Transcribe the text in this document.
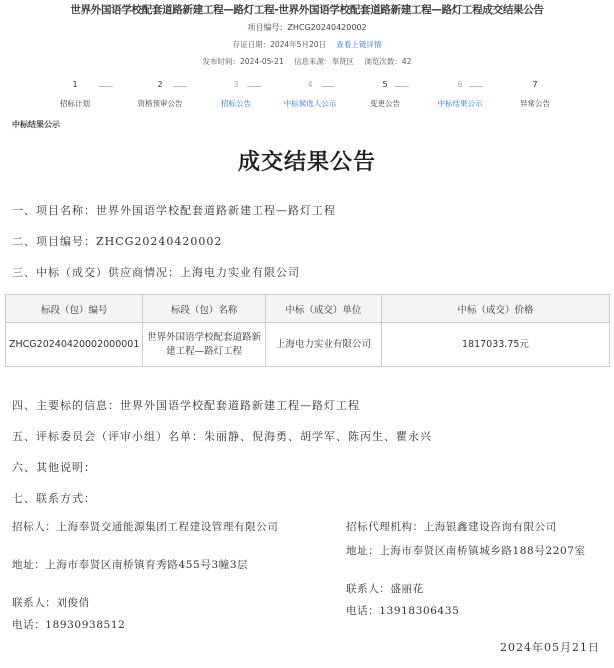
世界外国语学校配套道路新建工程—路灯工程-世界外国语学校配套道路新建工程—路灯工程成交结果公告
项目编号：ZHCG20240420002
存证日期：2024年5月20日 查看上链详情
发布时间：2024-05-21 信息来源：奉贤区 浏览次数：42
1
招标计划
2
资格预审公告
3
招标公告
4
中标候选人公示
5
变更公告
6
中标结果公示
7
异常公告
中标结果公示
成交结果公告
一、项目名称：世界外国语学校配套道路新建工程—路灯工程
二、项目编号：ZHCG20240420002
三、中标（成交）供应商情况：上海电力实业有限公司
标段（包）编号	标段（包）名称	中标（成交）单位	中标（成交）价格
ZHCG20240420002000001	世界外国语学校配套道路新建工程—路灯工程	上海电力实业有限公司	1817033.75元
四、主要标的信息：世界外国语学校配套道路新建工程—路灯工程
五、评标委员会（评审小组）名单：朱丽静、倪海勇、胡学军、陈丙生、瞿永兴
六、其他说明：
七、联系方式：
招标人：上海奉贤交通能源集团工程建设管理有限公司
地址：上海市奉贤区南桥镇育秀路455号3幢3层
联系人：刘俊俏
电话：18930938512
招标代理机构：上海银鑫建设咨询有限公司
地址：上海市奉贤区南桥镇城乡路188号2207室
联系人：盛丽花
电话：13918306435
2024年05月21日
